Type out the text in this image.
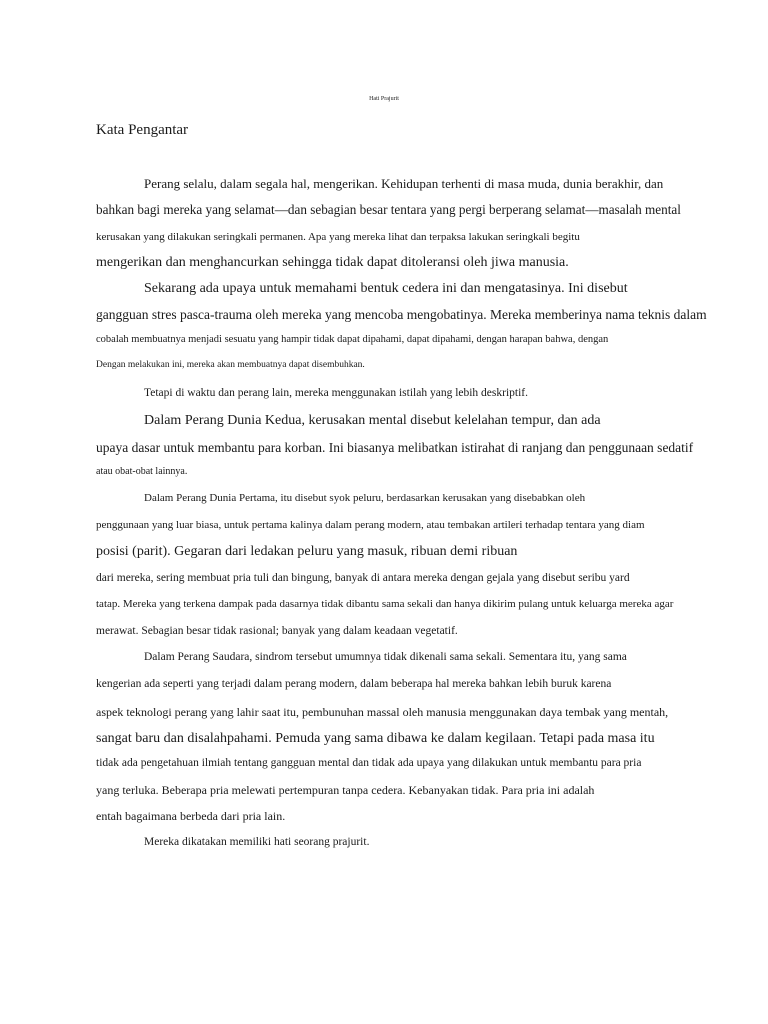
Hati Prajurit
Kata Pengantar
Perang selalu, dalam segala hal, mengerikan. Kehidupan terhenti di masa muda, dunia berakhir, dan
bahkan bagi mereka yang selamat—dan sebagian besar tentara yang pergi berperang selamat—masalah mental
kerusakan yang dilakukan seringkali permanen. Apa yang mereka lihat dan terpaksa lakukan seringkali begitu
mengerikan dan menghancurkan sehingga tidak dapat ditoleransi oleh jiwa manusia.
Sekarang ada upaya untuk memahami bentuk cedera ini dan mengatasinya. Ini disebut
gangguan stres pasca-trauma oleh mereka yang mencoba mengobatinya. Mereka memberinya nama teknis dalam
cobalah membuatnya menjadi sesuatu yang hampir tidak dapat dipahami, dapat dipahami, dengan harapan bahwa, dengan
Dengan melakukan ini, mereka akan membuatnya dapat disembuhkan.
Tetapi di waktu dan perang lain, mereka menggunakan istilah yang lebih deskriptif.
Dalam Perang Dunia Kedua, kerusakan mental disebut kelelahan tempur, dan ada
upaya dasar untuk membantu para korban. Ini biasanya melibatkan istirahat di ranjang dan penggunaan sedatif
atau obat-obat lainnya.
Dalam Perang Dunia Pertama, itu disebut syok peluru, berdasarkan kerusakan yang disebabkan oleh
penggunaan yang luar biasa, untuk pertama kalinya dalam perang modern, atau tembakan artileri terhadap tentara yang diam
posisi (parit). Gegaran dari ledakan peluru yang masuk, ribuan demi ribuan
dari mereka, sering membuat pria tuli dan bingung, banyak di antara mereka dengan gejala yang disebut seribu yard
tatap. Mereka yang terkena dampak pada dasarnya tidak dibantu sama sekali dan hanya dikirim pulang untuk keluarga mereka agar
merawat. Sebagian besar tidak rasional; banyak yang dalam keadaan vegetatif.
Dalam Perang Saudara, sindrom tersebut umumnya tidak dikenali sama sekali. Sementara itu, yang sama
kengerian ada seperti yang terjadi dalam perang modern, dalam beberapa hal mereka bahkan lebih buruk karena
aspek teknologi perang yang lahir saat itu, pembunuhan massal oleh manusia menggunakan daya tembak yang mentah,
sangat baru dan disalahpahami. Pemuda yang sama dibawa ke dalam kegilaan. Tetapi pada masa itu
tidak ada pengetahuan ilmiah tentang gangguan mental dan tidak ada upaya yang dilakukan untuk membantu para pria
yang terluka. Beberapa pria melewati pertempuran tanpa cedera. Kebanyakan tidak. Para pria ini adalah
entah bagaimana berbeda dari pria lain.
Mereka dikatakan memiliki hati seorang prajurit.
